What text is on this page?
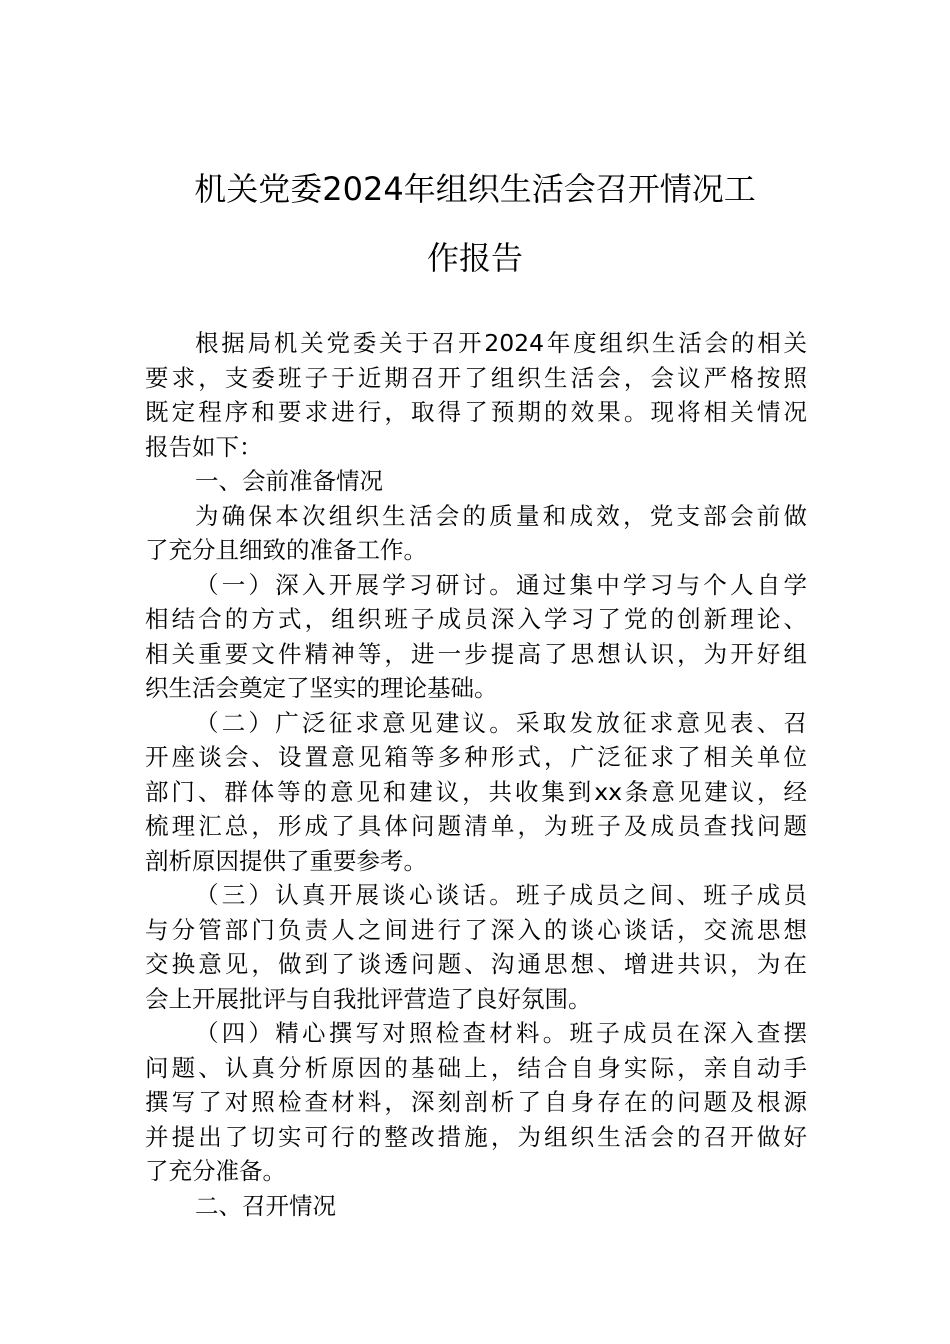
机关党委2024年组织生活会召开情况工
作报告
根据局机关党委关于召开2024年度组织生活会的相关
要求，支委班子于近期召开了组织生活会，会议严格按照
既定程序和要求进行，取得了预期的效果。现将相关情况
报告如下：
一、会前准备情况
为确保本次组织生活会的质量和成效，党支部会前做
了充分且细致的准备工作。
（一）深入开展学习研讨。通过集中学习与个人自学
相结合的方式，组织班子成员深入学习了党的创新理论、
相关重要文件精神等，进一步提高了思想认识，为开好组
织生活会奠定了坚实的理论基础。
（二）广泛征求意见建议。采取发放征求意见表、召
开座谈会、设置意见箱等多种形式，广泛征求了相关单位
部门、群体等的意见和建议，共收集到xx条意见建议，经
梳理汇总，形成了具体问题清单，为班子及成员查找问题
剖析原因提供了重要参考。
（三）认真开展谈心谈话。班子成员之间、班子成员
与分管部门负责人之间进行了深入的谈心谈话，交流思想
交换意见，做到了谈透问题、沟通思想、增进共识，为在
会上开展批评与自我批评营造了良好氛围。
（四）精心撰写对照检查材料。班子成员在深入查摆
问题、认真分析原因的基础上，结合自身实际，亲自动手
撰写了对照检查材料，深刻剖析了自身存在的问题及根源
并提出了切实可行的整改措施，为组织生活会的召开做好
了充分准备。
二、召开情况
